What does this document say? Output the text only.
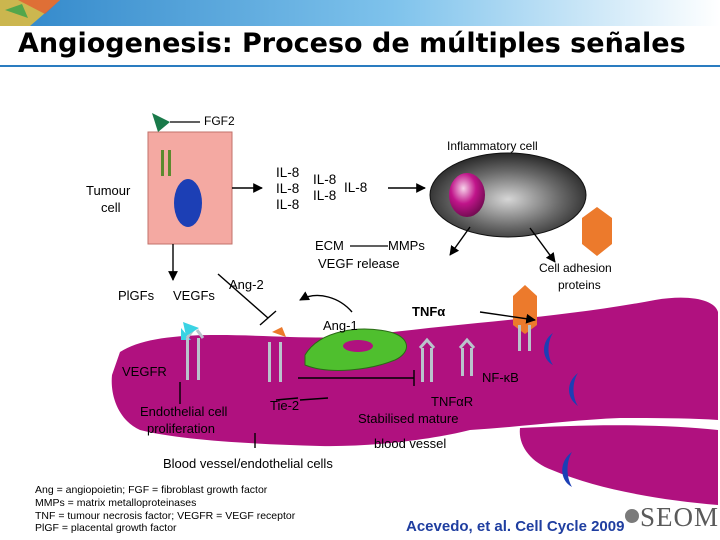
Angiogenesis: Proceso de múltiples señales
FGF2
Inflammatory cell
Tumour
cell
IL-8
IL-8
IL-8
IL-8
IL-8
IL-8
ECM	MMPs
VEGF release	Cell adhesion
proteins
PlGFs VEGFs
Ang-2
Ang-1
TNFα
VEGFR	NF-κB
Tie-2
Endothelial cell
proliferation
TNFαR
Stabilised mature
blood vessel
Blood vessel/endothelial cells
Ang = angiopoietin; FGF = fibroblast growth factor
MMPs = matrix metalloproteinases
TNF = tumour necrosis factor; VEGFR = VEGF receptor
PlGF = placental growth factor	Acevedo, et al. Cell Cycle 2009 SEOM
